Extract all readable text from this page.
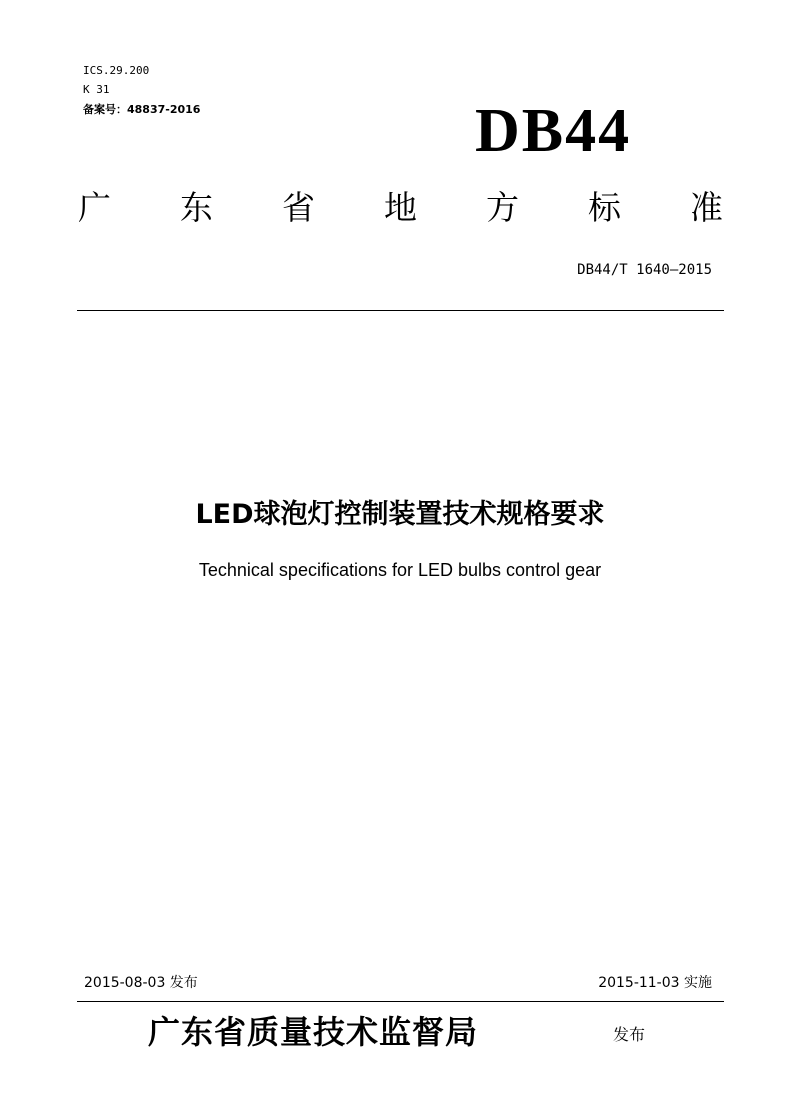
ICS.29.200
K 31
备案号：48837-2016	DB44
广 东 省 地 方 标 准
DB44/T 1640—2015
LED球泡灯控制装置技术规格要求
Technical specifications for LED bulbs control gear
2015-08-03 发布	2015-11-03 实施
广东省质量技术监督局	发布
